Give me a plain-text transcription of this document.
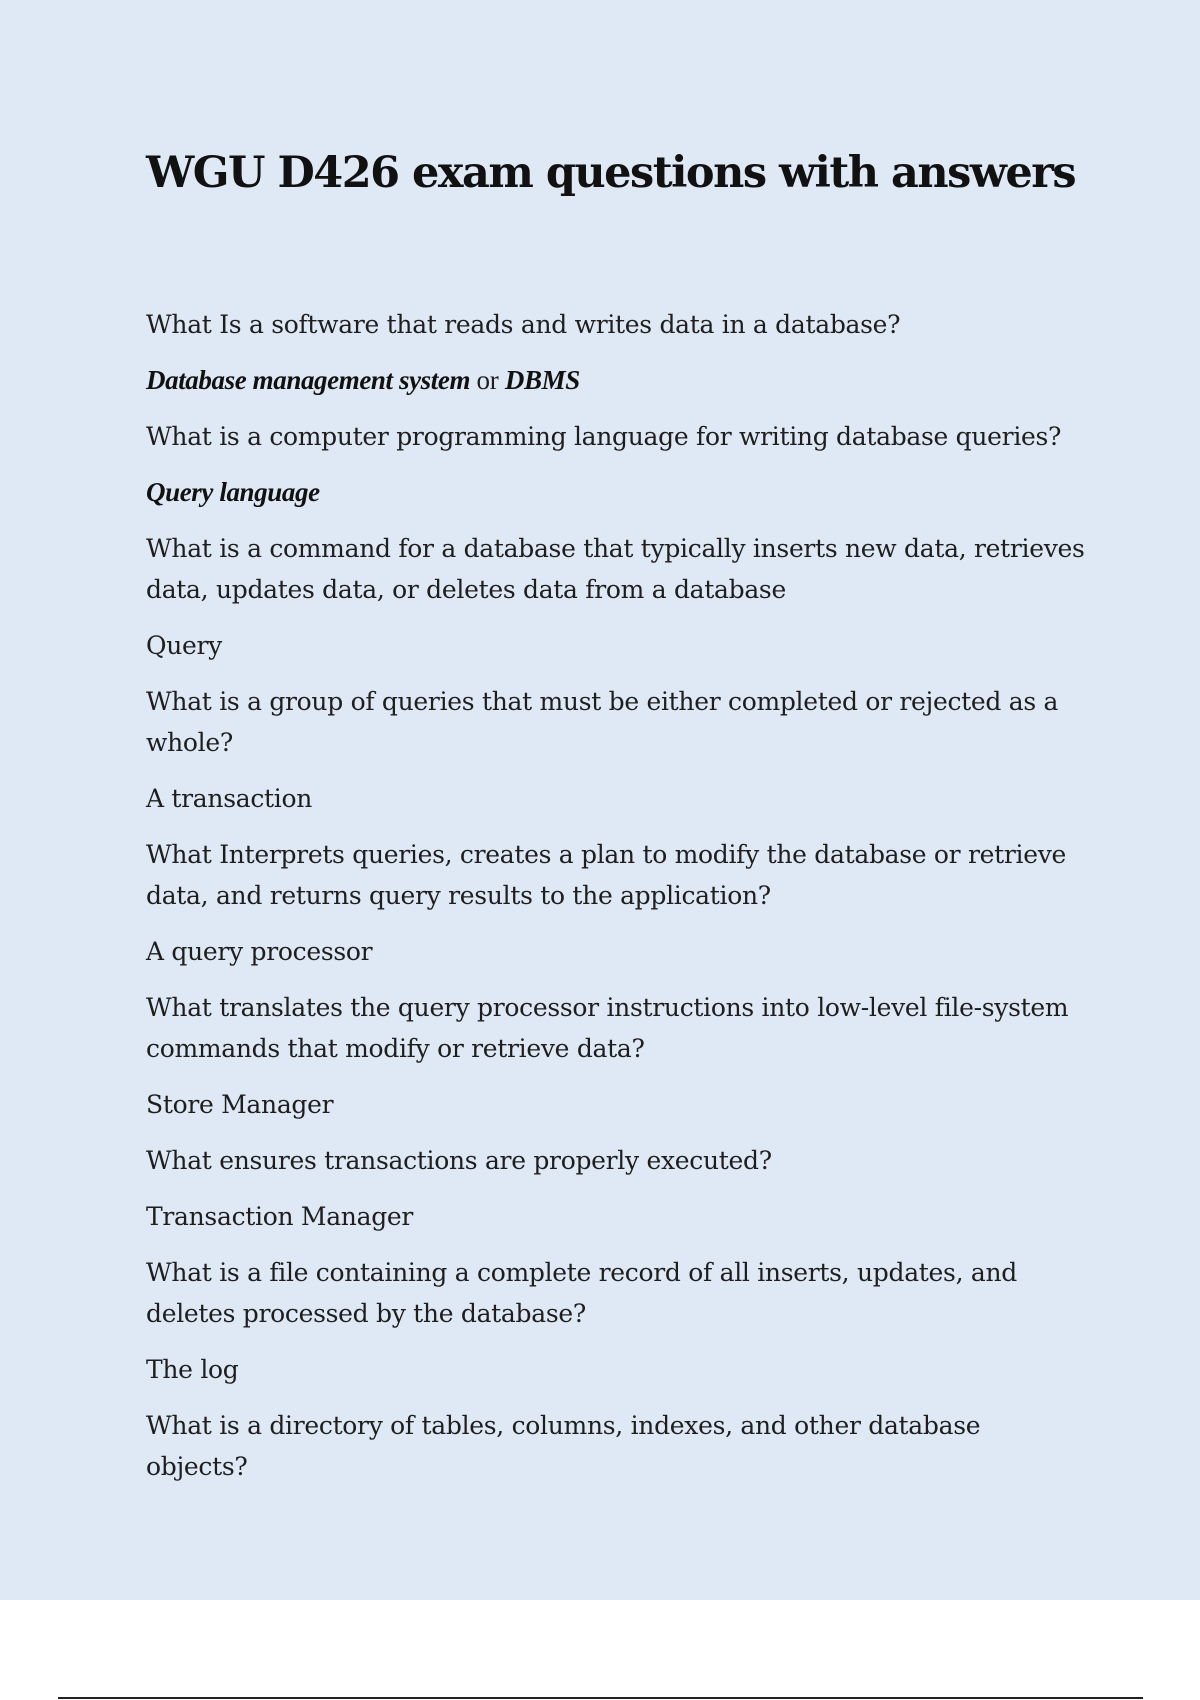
WGU D426 exam questions with answers

What Is a software that reads and writes data in a database?

Database management system or DBMS

What is a computer programming language for writing database queries?

Query language

What is a command for a database that typically inserts new data, retrieves data, updates data, or deletes data from a database

Query

What is a group of queries that must be either completed or rejected as a whole?

A transaction

What Interprets queries, creates a plan to modify the database or retrieve data, and returns query results to the application?

A query processor

What translates the query processor instructions into low-level file-system commands that modify or retrieve data?

Store Manager

What ensures transactions are properly executed?

Transaction Manager

What is a file containing a complete record of all inserts, updates, and deletes processed by the database?

The log

What is a directory of tables, columns, indexes, and other database objects?
